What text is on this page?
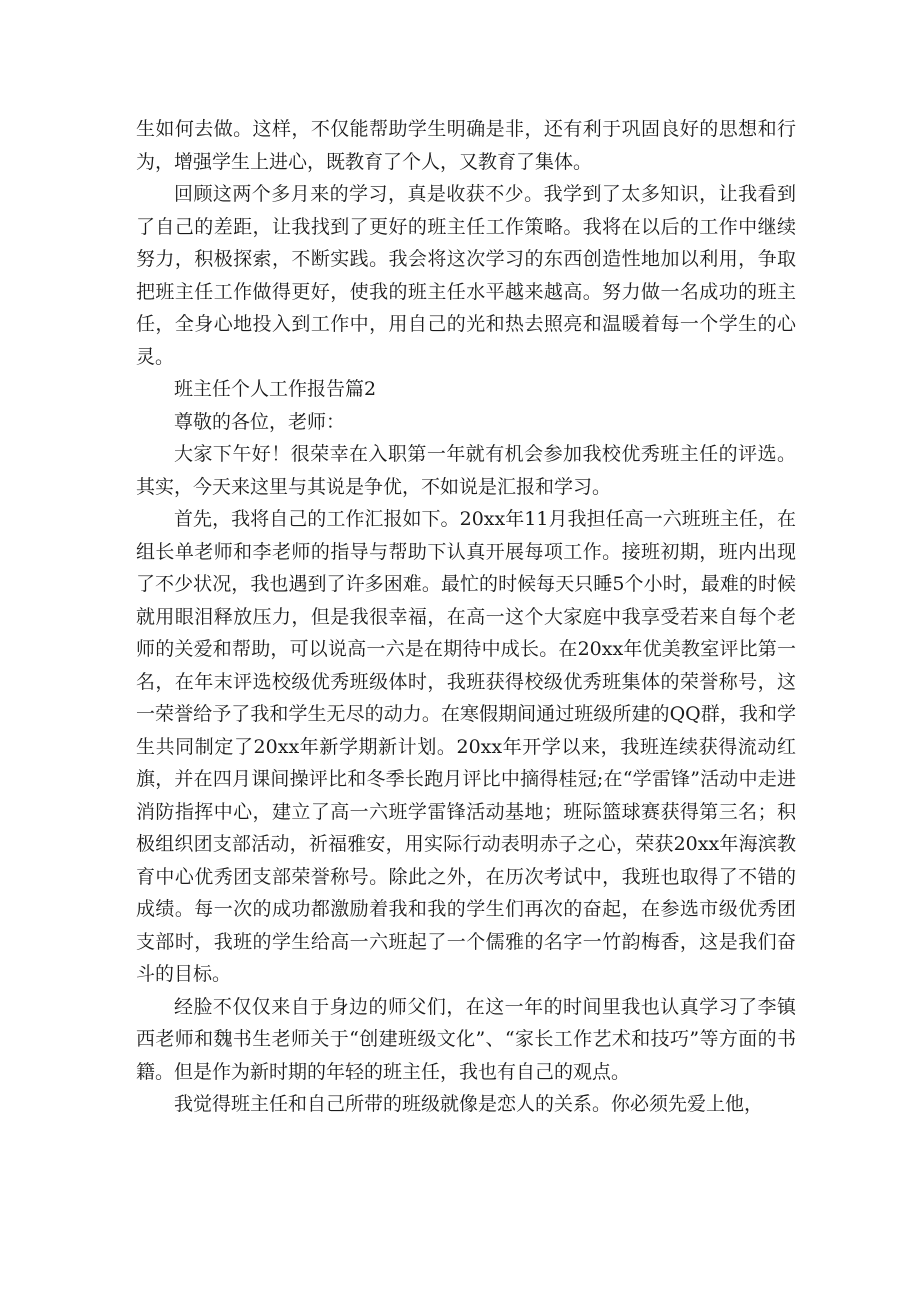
生如何去做。这样，不仅能帮助学生明确是非，还有利于巩固良好的思想和行为，增强学生上进心，既教育了个人，又教育了集体。

回顾这两个多月来的学习，真是收获不少。我学到了太多知识，让我看到了自己的差距，让我找到了更好的班主任工作策略。我将在以后的工作中继续努力，积极探索，不断实践。我会将这次学习的东西创造性地加以利用，争取把班主任工作做得更好，使我的班主任水平越来越高。努力做一名成功的班主任，全身心地投入到工作中，用自己的光和热去照亮和温暖着每一个学生的心灵。

班主任个人工作报告篇2

尊敬的各位，老师：

大家下午好！很荣幸在入职第一年就有机会参加我校优秀班主任的评选。其实，今天来这里与其说是争优，不如说是汇报和学习。

首先，我将自己的工作汇报如下。20xx年11月我担任高一六班班主任，在组长单老师和李老师的指导与帮助下认真开展每项工作。接班初期，班内出现了不少状况，我也遇到了许多困难。最忙的时候每天只睡5个小时，最难的时候就用眼泪释放压力，但是我很幸福，在高一这个大家庭中我享受若来自每个老师的关爱和帮助，可以说高一六是在期待中成长。在20xx年优美教室评比第一名，在年末评选校级优秀班级体时，我班获得校级优秀班集体的荣誉称号，这一荣誉给予了我和学生无尽的动力。在寒假期间通过班级所建的QQ群，我和学生共同制定了20xx年新学期新计划。20xx年开学以来，我班连续获得流动红旗，并在四月课间操评比和冬季长跑月评比中摘得桂冠;在“学雷锋”活动中走进消防指挥中心，建立了高一六班学雷锋活动基地；班际篮球赛获得第三名；积极组织团支部活动，祈福雅安，用实际行动表明赤子之心，荣获20xx年海滨教育中心优秀团支部荣誉称号。除此之外，在历次考试中，我班也取得了不错的成绩。每一次的成功都激励着我和我的学生们再次的奋起，在参选市级优秀团支部时，我班的学生给高一六班起了一个儒雅的名字一竹韵梅香，这是我们奋斗的目标。

经脸不仅仅来自于身边的师父们，在这一年的时间里我也认真学习了李镇西老师和魏书生老师关于“创建班级文化”、“家长工作艺术和技巧”等方面的书籍。但是作为新时期的年轻的班主任，我也有自己的观点。

我觉得班主任和自己所带的班级就像是恋人的关系。你必须先爱上他，
